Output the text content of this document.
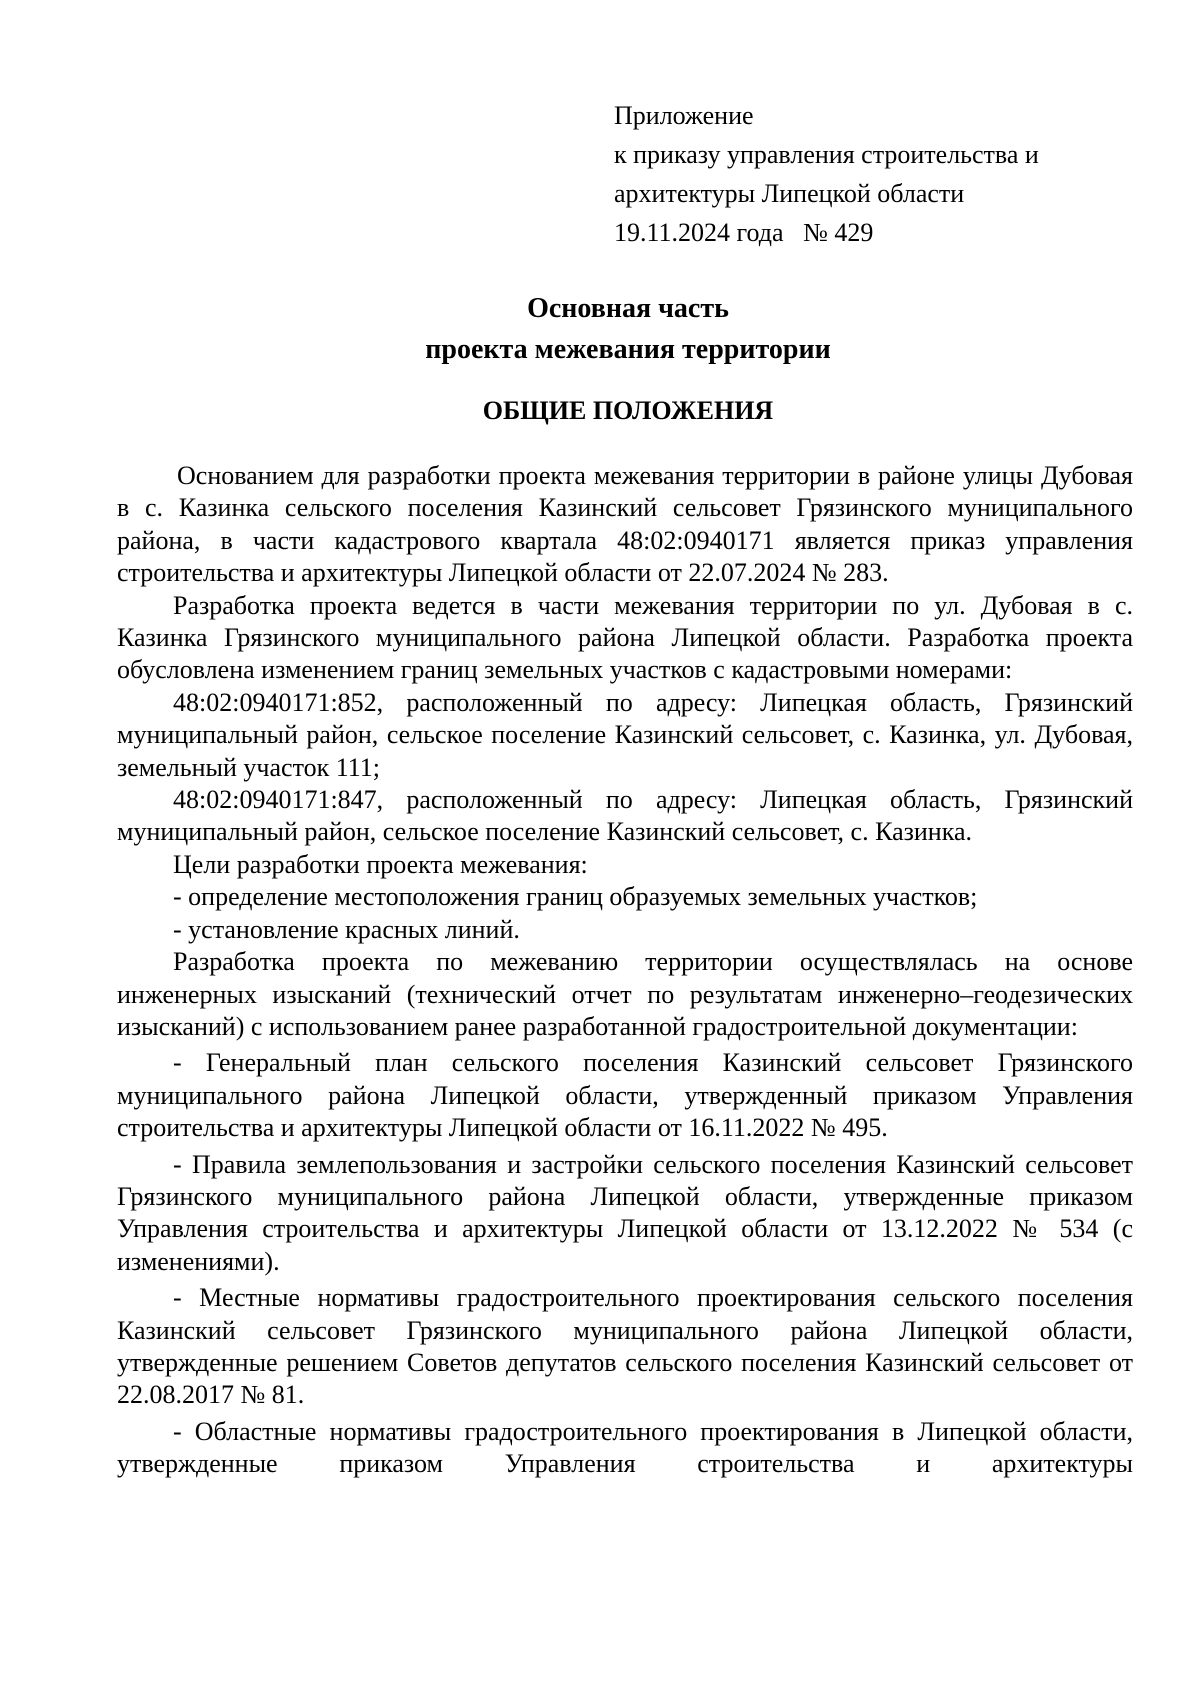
Приложение
к приказу управления строительства и
архитектуры Липецкой области
19.11.2024 года   № 429
Основная часть
проекта межевания территории
ОБЩИЕ ПОЛОЖЕНИЯ

Основанием для разработки проекта межевания территории в районе улицы Дубовая в с. Казинка сельского поселения Казинский сельсовет Грязинского муниципального района, в части кадастрового квартала 48:02:0940171 является приказ управления строительства и архитектуры Липецкой области от 22.07.2024 № 283.

Разработка проекта ведется в части межевания территории по ул. Дубовая в с. Казинка Грязинского муниципального района Липецкой области. Разработка проекта обусловлена изменением границ земельных участков с кадастровыми номерами:

48:02:0940171:852, расположенный по адресу: Липецкая область, Грязинский муниципальный район, сельское поселение Казинский сельсовет, с. Казинка, ул. Дубовая, земельный участок 111;

48:02:0940171:847, расположенный по адресу: Липецкая область, Грязинский муниципальный район, сельское поселение Казинский сельсовет, с. Казинка.

Цели разработки проекта межевания:

- определение местоположения границ образуемых земельных участков;

- установление красных линий.

Разработка проекта по межеванию территории осуществлялась на основе инженерных изысканий (технический отчет по результатам инженерно–геодезических изысканий) с использованием ранее разработанной градостроительной документации:

- Генеральный план сельского поселения Казинский сельсовет Грязинского муниципального района Липецкой области, утвержденный приказом Управления строительства и архитектуры Липецкой области от 16.11.2022 № 495.

- Правила землепользования и застройки сельского поселения Казинский сельсовет Грязинского муниципального района Липецкой области, утвержденные приказом Управления строительства и архитектуры Липецкой области от 13.12.2022 № 534 (с изменениями).

- Местные нормативы градостроительного проектирования сельского поселения Казинский сельсовет Грязинского муниципального района Липецкой области, утвержденные решением Советов депутатов сельского поселения Казинский сельсовет от 22.08.2017 № 81.

- Областные нормативы градостроительного проектирования в Липецкой области, утвержденные приказом Управления строительства и архитектуры
